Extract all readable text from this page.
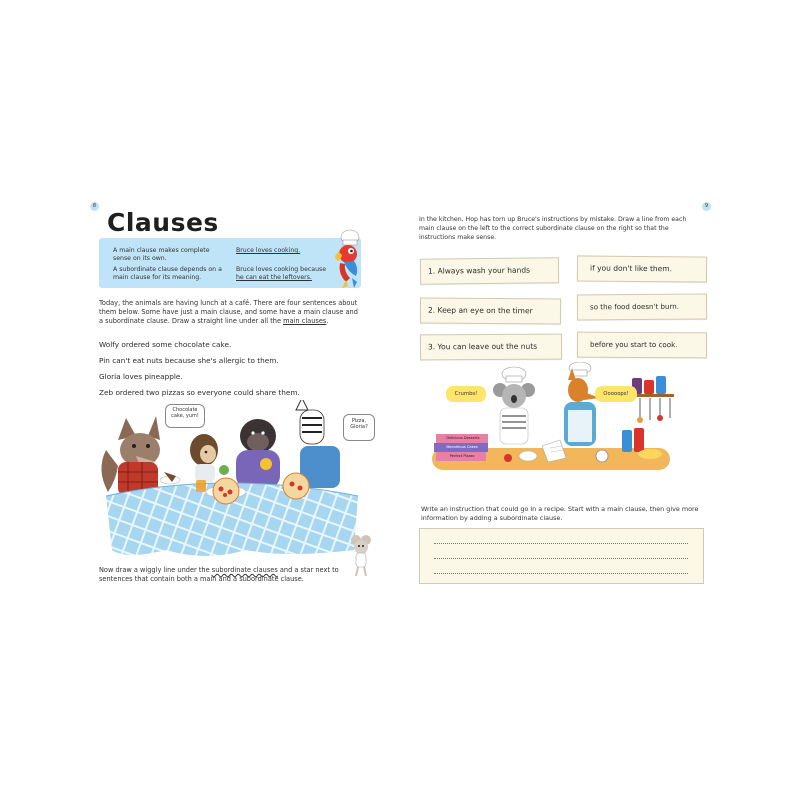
8
Clauses
A main clause makes complete sense on its own.
A subordinate clause depends on a main clause for its meaning.
Bruce loves cooking.
Bruce loves cooking because he can eat the leftovers.
Today, the animals are having lunch at a café. There are four sentences about them below. Some have just a main clause, and some have a main clause and a subordinate clause. Draw a straight line under all the main clauses.
Wolfy ordered some chocolate cake.
Pin can't eat nuts because she's allergic to them.
Gloria loves pineapple.
Zeb ordered two pizzas so everyone could share them.
Chocolate cake, yum!
Pizza, Gloria?
Now draw a wiggly line under the subordinate clauses and a star next to sentences that contain both a main and a subordinate clause.
9
In the kitchen, Hop has torn up Bruce's instructions by mistake. Draw a line from each main clause on the left to the correct subordinate clause on the right so that the instructions make sense.
1. Always wash your hands
2. Keep an eye on the timer
3. You can leave out the nuts
if you don't like them.
so the food doesn't burn.
before you start to cook.
Delicious Desserts
Marvellous Cakes
Perfect Pizzas
Crumbs!	Ooooops!
Write an instruction that could go in a recipe. Start with a main clause, then give more information by adding a subordinate clause.
